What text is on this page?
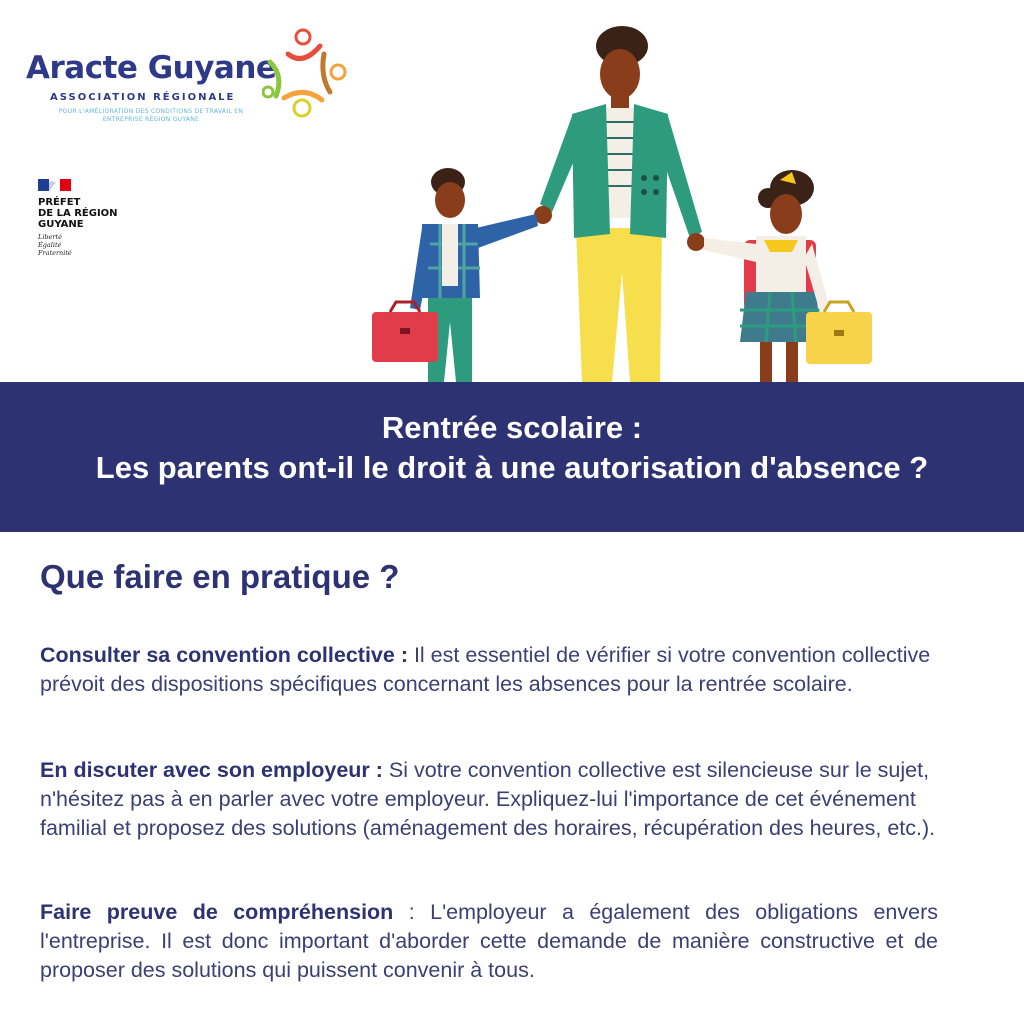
Aracte Guyane
ASSOCIATION RÉGIONALE
POUR L'AMÉLIORATION DES CONDITIONS DE TRAVAIL EN ENTREPRISE RÉGION GUYANE
PRÉFET
DE LA RÉGION
GUYANE
Liberté
Égalité
Fraternité
Rentrée scolaire :
Les parents ont-il le droit à une autorisation d'absence ?
Que faire en pratique ?

Consulter sa convention collective : Il est essentiel de vérifier si votre convention collective prévoit des dispositions spécifiques concernant les absences pour la rentrée scolaire.

En discuter avec son employeur : Si votre convention collective est silencieuse sur le sujet, n'hésitez pas à en parler avec votre employeur. Expliquez-lui l'importance de cet événement familial et proposez des solutions (aménagement des horaires, récupération des heures, etc.).

Faire preuve de compréhension : L'employeur a également des obligations envers l'entreprise. Il est donc important d'aborder cette demande de manière constructive et de proposer des solutions qui puissent convenir à tous.
